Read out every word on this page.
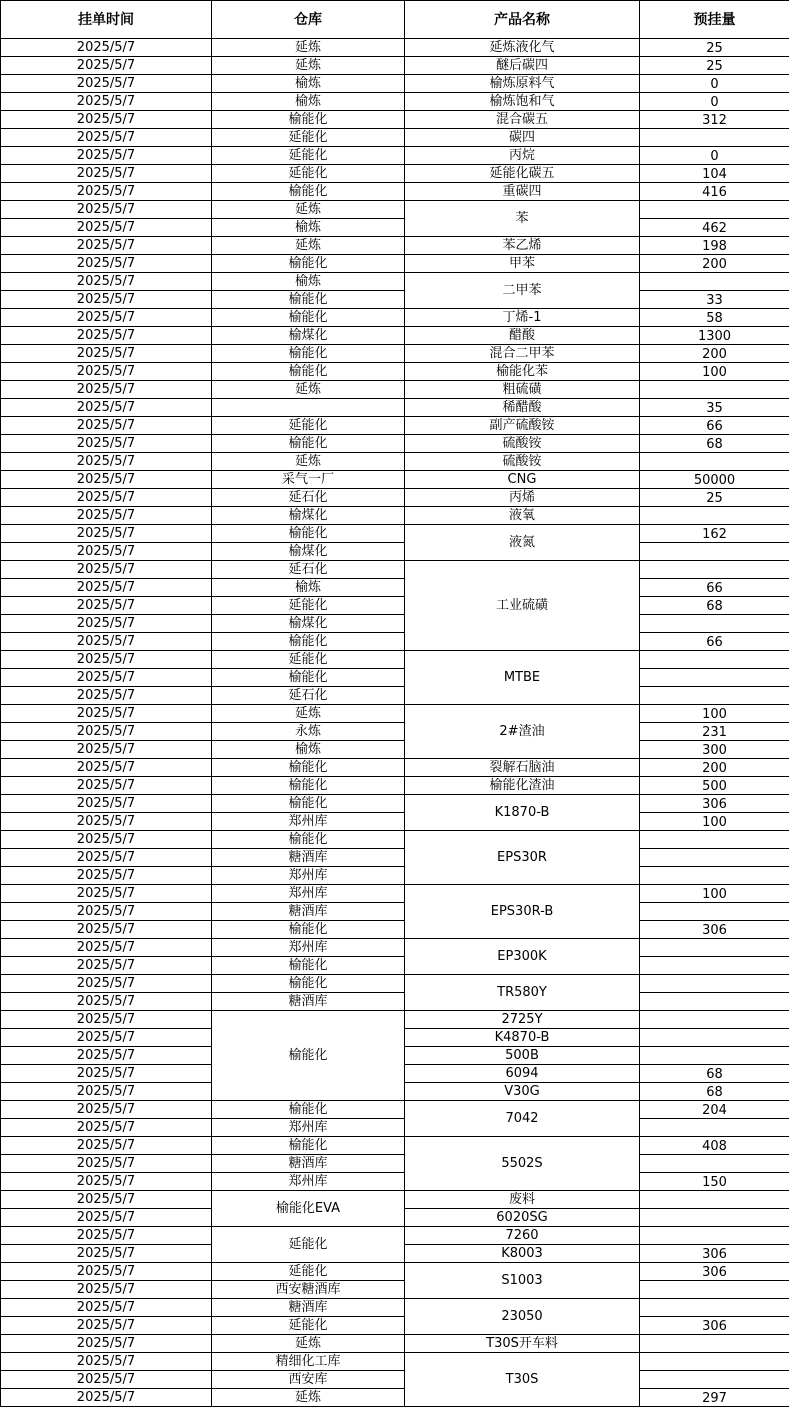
挂单时间	仓库	产品名称	预挂量
2025/5/7	延炼	延炼液化气	25
2025/5/7	延炼	醚后碳四	25
2025/5/7	榆炼	榆炼原料气	0
2025/5/7	榆炼	榆炼饱和气	0
2025/5/7	榆能化	混合碳五	312
2025/5/7	延能化	碳四	
2025/5/7	延能化	丙烷	0
2025/5/7	延能化	延能化碳五	104
2025/5/7	榆能化	重碳四	416
2025/5/7	延炼	苯	
2025/5/7	榆炼		462
2025/5/7	延炼	苯乙烯	198
2025/5/7	榆能化	甲苯	200
2025/5/7	榆炼	二甲苯	
2025/5/7	榆能化		33
2025/5/7	榆能化	丁烯-1	58
2025/5/7	榆煤化	醋酸	1300
2025/5/7	榆能化	混合二甲苯	200
2025/5/7	榆能化	榆能化苯	100
2025/5/7	延炼	粗硫磺	
2025/5/7		稀醋酸	35
2025/5/7	延能化	副产硫酸铵	66
2025/5/7	榆能化	硫酸铵	68
2025/5/7	延炼	硫酸铵	
2025/5/7	采气一厂	CNG	50000
2025/5/7	延石化	丙烯	25
2025/5/7	榆煤化	液氧	
2025/5/7	榆能化	液氮	162
2025/5/7	榆煤化		
2025/5/7	延石化	工业硫磺	
2025/5/7	榆炼		66
2025/5/7	延能化		68
2025/5/7	榆煤化		
2025/5/7	榆能化		66
2025/5/7	延能化	MTBE	
2025/5/7	榆能化		
2025/5/7	延石化		
2025/5/7	延炼	2#渣油	100
2025/5/7	永炼		231
2025/5/7	榆炼		300
2025/5/7	榆能化	裂解石脑油	200
2025/5/7	榆能化	榆能化渣油	500
2025/5/7	榆能化	K1870-B	306
2025/5/7	郑州库		100
2025/5/7	榆能化	EPS30R	
2025/5/7	糖酒库		
2025/5/7	郑州库		
2025/5/7	郑州库	EPS30R-B	100
2025/5/7	糖酒库		
2025/5/7	榆能化		306
2025/5/7	郑州库	EP300K	
2025/5/7	榆能化		
2025/5/7	榆能化	TR580Y	
2025/5/7	糖酒库		
2025/5/7	榆能化	2725Y	
2025/5/7		K4870-B	
2025/5/7		500B	
2025/5/7		6094	68
2025/5/7		V30G	68
2025/5/7	榆能化	7042	204
2025/5/7	郑州库		
2025/5/7	榆能化	5502S	408
2025/5/7	糖酒库		
2025/5/7	郑州库		150
2025/5/7	榆能化EVA	废料	
2025/5/7		6020SG	
2025/5/7	延能化	7260	
2025/5/7		K8003	306
2025/5/7	延能化	S1003	306
2025/5/7	西安糖酒库		
2025/5/7	糖酒库	23050	
2025/5/7	延能化		306
2025/5/7	延炼	T30S开车料	
2025/5/7	精细化工库	T30S	
2025/5/7	西安库		
2025/5/7	延炼		297
